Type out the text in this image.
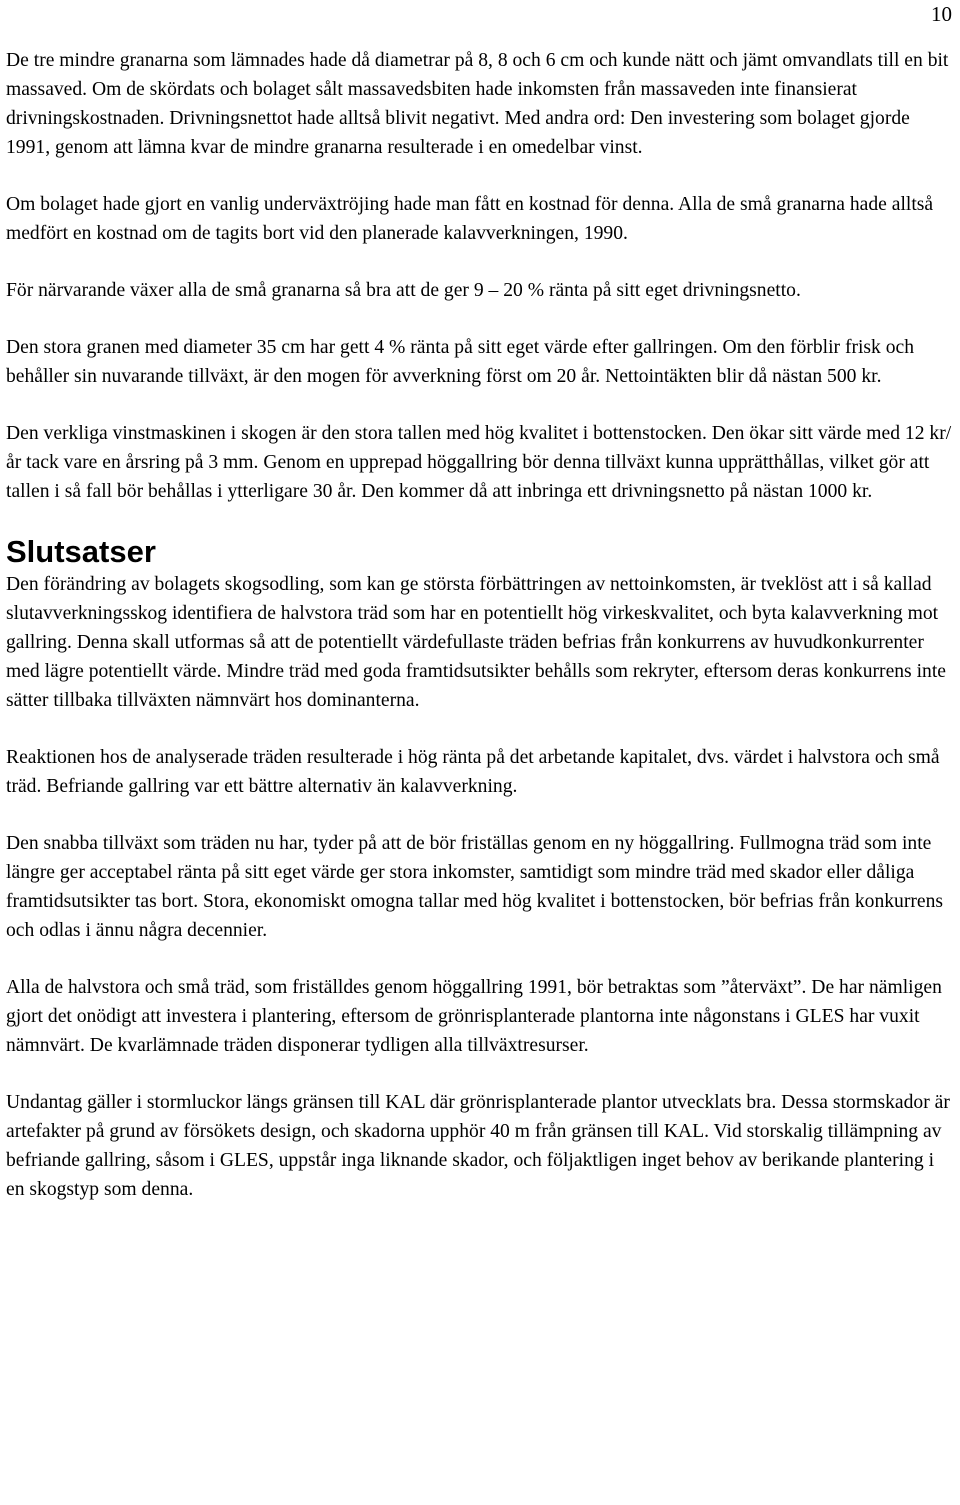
10

De tre mindre granarna som lämnades hade då diametrar på 8, 8 och 6 cm och kunde nätt och jämt omvandlats till en bit massaved. Om de skördats och bolaget sålt massavedsbiten hade inkomsten från massaveden inte finansierat drivningskostnaden. Drivningsnettot hade alltså blivit negativt. Med andra ord: Den investering som bolaget gjorde 1991, genom att lämna kvar de mindre granarna resulterade i en omedelbar vinst.

Om bolaget hade gjort en vanlig underväxtröjing hade man fått en kostnad för denna. Alla de små granarna hade alltså medfört en kostnad om de tagits bort vid den planerade kalavverkningen, 1990.

För närvarande växer alla de små granarna så bra att de ger 9 – 20 % ränta på sitt eget drivningsnetto.

Den stora granen med diameter 35 cm har gett 4 % ränta på sitt eget värde efter gallringen. Om den förblir frisk och behåller sin nuvarande tillväxt, är den mogen för avverkning först om 20 år. Nettointäkten blir då nästan 500 kr.

Den verkliga vinstmaskinen i skogen är den stora tallen med hög kvalitet i bottenstocken. Den ökar sitt värde med 12 kr/år tack vare en årsring på 3 mm. Genom en upprepad höggallring bör denna tillväxt kunna upprätthållas, vilket gör att tallen i så fall bör behållas i ytterligare 30 år. Den kommer då att inbringa ett drivningsnetto på nästan 1000 kr.

Slutsatser

Den förändring av bolagets skogsodling, som kan ge största förbättringen av nettoinkomsten, är tveklöst att i så kallad slutavverkningsskog identifiera de halvstora träd som har en potentiellt hög virkeskvalitet, och byta kalavverkning mot gallring. Denna skall utformas så att de potentiellt värdefullaste träden befrias från konkurrens av huvudkonkurrenter med lägre potentiellt värde. Mindre träd med goda framtidsutsikter behålls som rekryter, eftersom deras konkurrens inte sätter tillbaka tillväxten nämnvärt hos dominanterna.

Reaktionen hos de analyserade träden resulterade i hög ränta på det arbetande kapitalet, dvs. värdet i halvstora och små träd. Befriande gallring var ett bättre alternativ än kalavverkning.

Den snabba tillväxt som träden nu har, tyder på att de bör friställas genom en ny höggallring. Fullmogna träd som inte längre ger acceptabel ränta på sitt eget värde ger stora inkomster, samtidigt som mindre träd med skador eller dåliga framtidsutsikter tas bort. Stora, ekonomiskt omogna tallar med hög kvalitet i bottenstocken, bör befrias från konkurrens och odlas i ännu några decennier.

Alla de halvstora och små träd, som friställdes genom höggallring 1991, bör betraktas som ”återväxt”. De har nämligen gjort det onödigt att investera i plantering, eftersom de grönrisplanterade plantorna inte någonstans i GLES har vuxit nämnvärt. De kvarlämnade träden disponerar tydligen alla tillväxtresurser.

Undantag gäller i stormluckor längs gränsen till KAL där grönrisplanterade plantor utvecklats bra. Dessa stormskador är artefakter på grund av försökets design, och skadorna upphör 40 m från gränsen till KAL. Vid storskalig tillämpning av befriande gallring, såsom i GLES, uppstår inga liknande skador, och följaktligen inget behov av berikande plantering i en skogstyp som denna.
